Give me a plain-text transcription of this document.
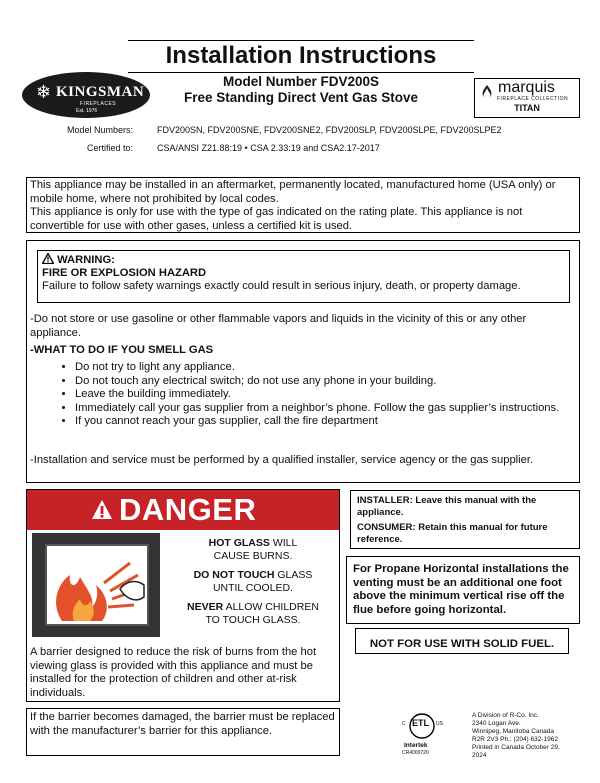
Installation Instructions
Model Number FDV200S
Free Standing Direct Vent Gas Stove
❄ KINGSMAN
FIREPLACES
Est. 1976
marquis
FIREPLACE COLLECTION
TITAN
Model Numbers:	FDV200SN, FDV200SNE, FDV200SNE2, FDV200SLP, FDV200SLPE, FDV200SLPE2
Certified to:	CSA/ANSI Z21.88:19 • CSA 2.33:19 and CSA2.17-2017
This appliance may be installed in an aftermarket, permanently located, manufactured home (USA only) or mobile home, where not prohibited by local codes.
This appliance is only for use with the type of gas indicated on the rating plate. This appliance is not convertible for use with other gases, unless a certified kit is used.
WARNING:
FIRE OR EXPLOSION HAZARD
Failure to follow safety warnings exactly could result in serious injury, death, or property damage.
-Do not store or use gasoline or other flammable vapors and liquids in the vicinity of this or any other appliance.
-WHAT TO DO IF YOU SMELL GAS
• Do not try to light any appliance.
• Do not touch any electrical switch; do not use any phone in your building.
• Leave the building immediately.
• Immediately call your gas supplier from a neighbor’s phone. Follow the gas supplier’s instructions.
• If you cannot reach your gas supplier, call the fire department
-Installation and service must be performed by a qualified installer, service agency or the gas supplier.
DANGER
HOT GLASS WILL
CAUSE BURNS.
DO NOT TOUCH GLASS
UNTIL COOLED.
NEVER ALLOW CHILDREN
TO TOUCH GLASS.
A barrier designed to reduce the risk of burns from the hot viewing glass is provided with this appliance and must be installed for the protection of children and other at-risk individuals.
If the barrier becomes damaged, the barrier must be replaced with the manufacturer’s barrier for this appliance.
INSTALLER: Leave this manual with the appliance.
CONSUMER: Retain this manual for future reference.
For Propane Horizontal installations the venting must be an additional one foot above the minimum vertical rise off the flue before going horizontal.
NOT FOR USE WITH SOLID FUEL.
ETL
C	US
Intertek
CR4009720
A Division of R-Co. Inc.
2340 Logan Ave.
Winnipeg, Manitoba Canada
R2R 2V3 Ph.: (204) 632-1962
Printed in Canada October 29,
2024
